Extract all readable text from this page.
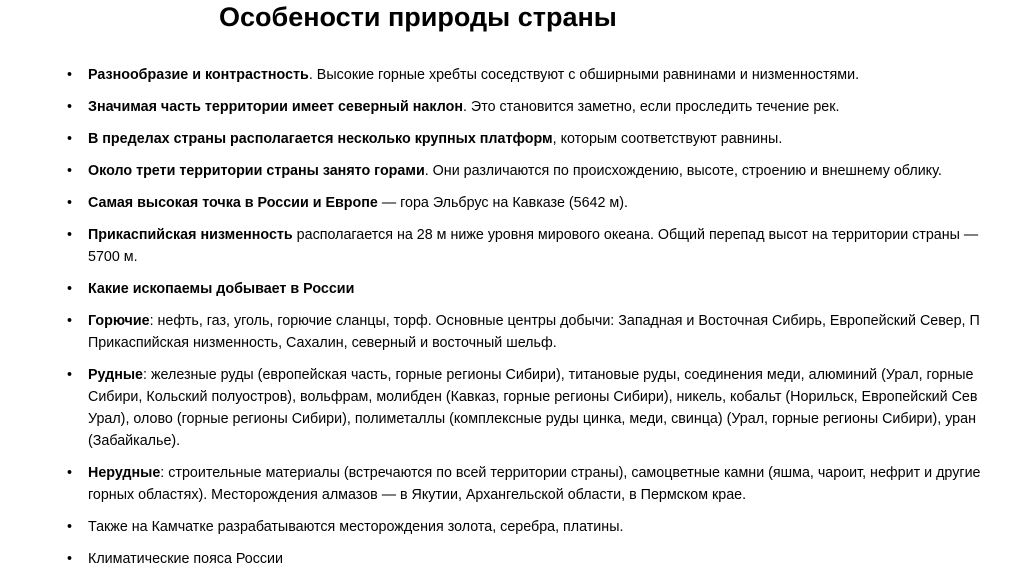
Особености природы страны
• Разнообразие и контрастность. Высокие горные хребты соседствуют с обширными равнинами и низменностями.
• Значимая часть территории имеет северный наклон. Это становится заметно, если проследить течение рек.
• В пределах страны располагается несколько крупных платформ, которым соответствуют равнины.
• Около трети территории страны занято горами. Они различаются по происхождению, высоте, строению и внешнему облику.
• Самая высокая точка в России и Европе — гора Эльбрус на Кавказе (5642 м).
• Прикаспийская низменность располагается на 28 м ниже уровня мирового океана. Общий перепад высот на территории страны —
5700 м.
• Какие ископаемы добывает в России
• Горючие: нефть, газ, уголь, горючие сланцы, торф. Основные центры добычи: Западная и Восточная Сибирь, Европейский Север, П
Прикаспийская низменность, Сахалин, северный и восточный шельф.
• Рудные: железные руды (европейская часть, горные регионы Сибири), титановые руды, соединения меди, алюминий (Урал, горные
Сибири, Кольский полуостров), вольфрам, молибден (Кавказ, горные регионы Сибири), никель, кобальт (Норильск, Европейский Сев
Урал), олово (горные регионы Сибири), полиметаллы (комплексные руды цинка, меди, свинца) (Урал, горные регионы Сибири), уран
(Забайкалье).
• Нерудные: строительные материалы (встречаются по всей территории страны), самоцветные камни (яшма, чароит, нефрит и другие
горных областях). Месторождения алмазов — в Якутии, Архангельской области, в Пермском крае.
• Также на Камчатке разрабатываются месторождения золота, серебра, платины.
• Климатические пояса России
